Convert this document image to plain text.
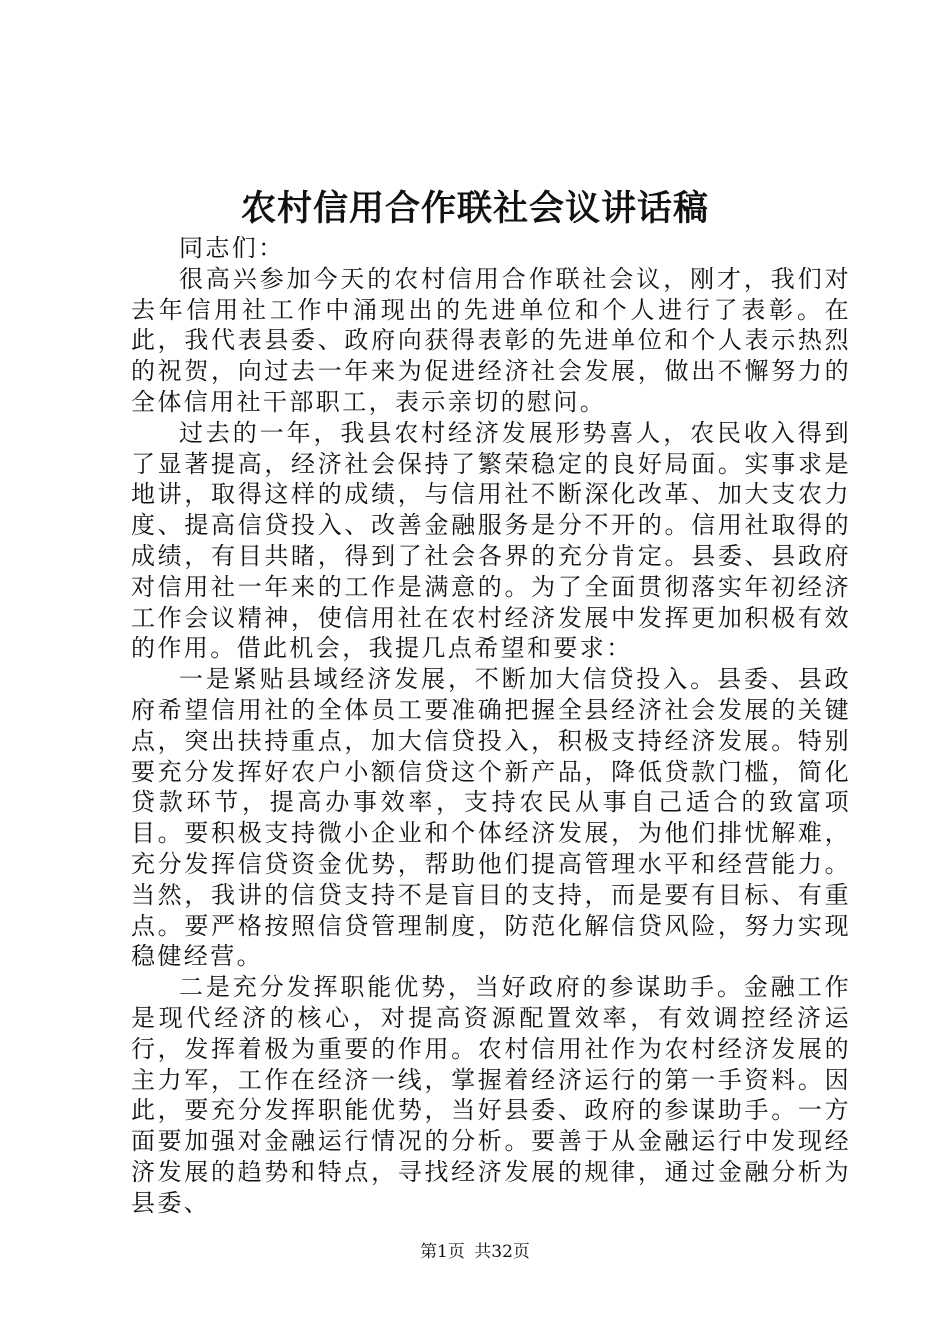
农村信用合作联社会议讲话稿

同志们：

很高兴参加今天的农村信用合作联社会议，刚才，我们对去年信用社工作中涌现出的先进单位和个人进行了表彰。在此，我代表县委、政府向获得表彰的先进单位和个人表示热烈的祝贺，向过去一年来为促进经济社会发展，做出不懈努力的全体信用社干部职工，表示亲切的慰问。

过去的一年，我县农村经济发展形势喜人，农民收入得到了显著提高，经济社会保持了繁荣稳定的良好局面。实事求是地讲，取得这样的成绩，与信用社不断深化改革、加大支农力度、提高信贷投入、改善金融服务是分不开的。信用社取得的成绩，有目共睹，得到了社会各界的充分肯定。县委、县政府对信用社一年来的工作是满意的。为了全面贯彻落实年初经济工作会议精神，使信用社在农村经济发展中发挥更加积极有效的作用。借此机会，我提几点希望和要求：

一是紧贴县域经济发展，不断加大信贷投入。县委、县政府希望信用社的全体员工要准确把握全县经济社会发展的关键点，突出扶持重点，加大信贷投入，积极支持经济发展。特别要充分发挥好农户小额信贷这个新产品，降低贷款门槛，简化贷款环节，提高办事效率，支持农民从事自己适合的致富项目。要积极支持微小企业和个体经济发展，为他们排忧解难，充分发挥信贷资金优势，帮助他们提高管理水平和经营能力。当然，我讲的信贷支持不是盲目的支持，而是要有目标、有重点。要严格按照信贷管理制度，防范化解信贷风险，努力实现稳健经营。

二是充分发挥职能优势，当好政府的参谋助手。金融工作是现代经济的核心，对提高资源配置效率，有效调控经济运行，发挥着极为重要的作用。农村信用社作为农村经济发展的主力军，工作在经济一线，掌握着经济运行的第一手资料。因此，要充分发挥职能优势，当好县委、政府的参谋助手。一方面要加强对金融运行情况的分析。要善于从金融运行中发现经济发展的趋势和特点，寻找经济发展的规律，通过金融分析为县委、

第1页 共32页
